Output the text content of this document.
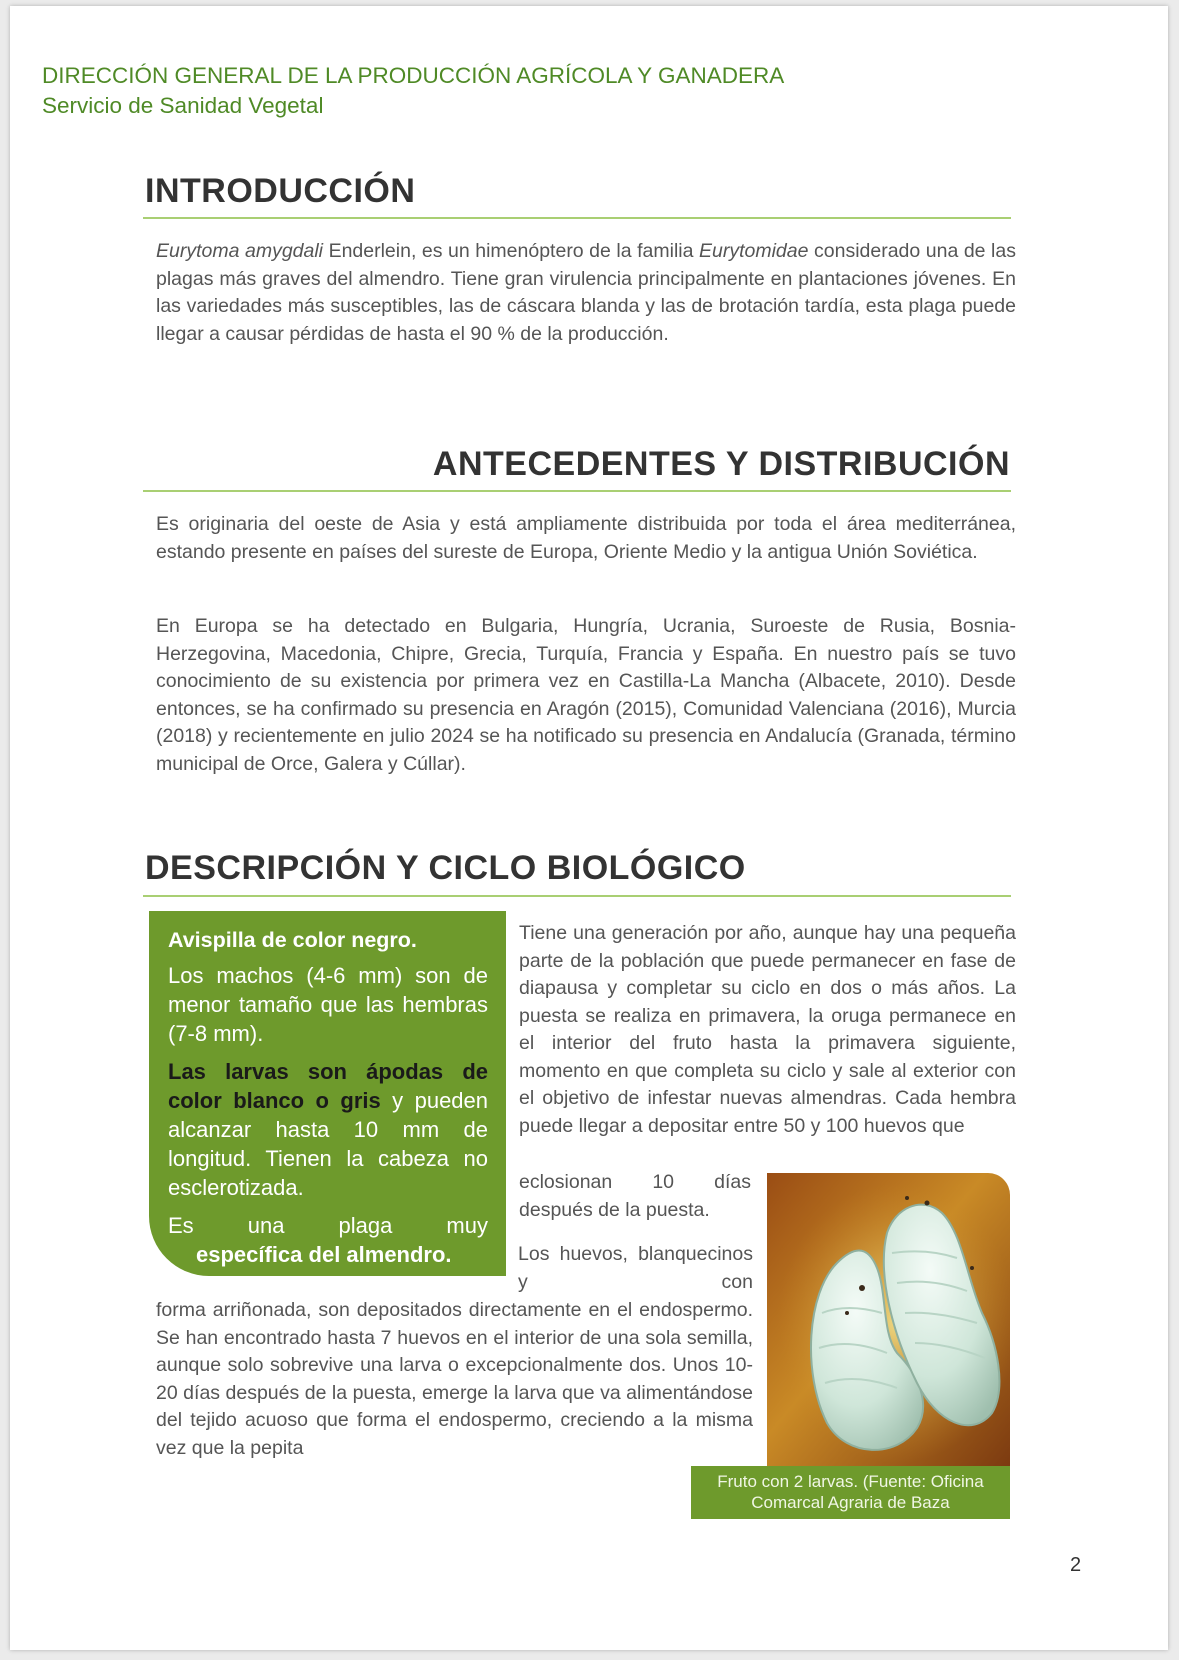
DIRECCIÓN GENERAL DE LA PRODUCCIÓN AGRÍCOLA Y GANADERA
Servicio de Sanidad Vegetal
INTRODUCCIÓN

Eurytoma amygdali Enderlein, es un himenóptero de la familia Eurytomidae considerado una de las plagas más graves del almendro. Tiene gran virulencia principalmente en plantaciones jóvenes. En las variedades más susceptibles, las de cáscara blanda y las de brotación tardía, esta plaga puede llegar a causar pérdidas de hasta el 90 % de la producción.

ANTECEDENTES Y DISTRIBUCIÓN

Es originaria del oeste de Asia y está ampliamente distribuida por toda el área mediterránea, estando presente en países del sureste de Europa, Oriente Medio y la antigua Unión Soviética.

En Europa se ha detectado en Bulgaria, Hungría, Ucrania, Suroeste de Rusia, Bosnia-Herzegovina, Macedonia, Chipre, Grecia, Turquía, Francia y España. En nuestro país se tuvo conocimiento de su existencia por primera vez en Castilla-La Mancha (Albacete, 2010). Desde entonces, se ha confirmado su presencia en Aragón (2015), Comunidad Valenciana (2016), Murcia (2018) y recientemente en julio 2024 se ha notificado su presencia en Andalucía (Granada, término municipal de Orce, Galera y Cúllar).

DESCRIPCIÓN Y CICLO BIOLÓGICO

Avispilla de color negro.

Los machos (4-6 mm) son de menor tamaño que las hembras (7-8 mm).

Las larvas son ápodas de color blanco o gris y pueden alcanzar hasta 10 mm de longitud. Tienen la cabeza no esclerotizada.

Es una plaga muy
específica del almendro.

Tiene una generación por año, aunque hay una pequeña parte de la población que puede permanecer en fase de diapausa y completar su ciclo en dos o más años. La puesta se realiza en primavera, la oruga permanece en el interior del fruto hasta la primavera siguiente, momento en que completa su ciclo y sale al exterior con el objetivo de infestar nuevas almendras. Cada hembra puede llegar a depositar entre 50 y 100 huevos que

eclosionan 10 días después de la puesta.

Los huevos, blanquecinos y con

forma arriñonada, son depositados directamente en el endospermo. Se han encontrado hasta 7 huevos en el interior de una sola semilla, aunque solo sobrevive una larva o excepcionalmente dos. Unos 10-20 días después de la puesta, emerge la larva que va alimentándose del tejido acuoso que forma el endospermo, creciendo a la misma vez que la pepita

Fruto con 2 larvas. (Fuente: Oficina Comarcal Agraria de Baza
2
